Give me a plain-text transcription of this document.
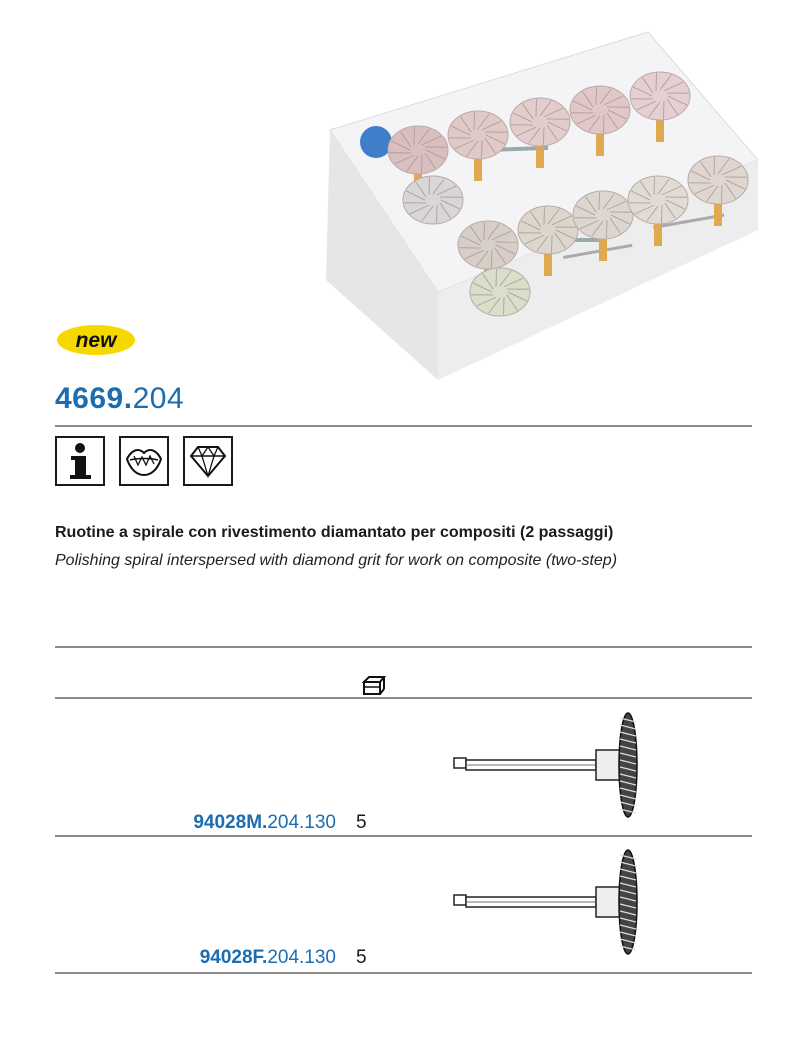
new
4669.204
Ruotine a spirale con rivestimento diamantato per compositi (2 passaggi)
Polishing spiral interspersed with diamond grit for work on composite (two-step)
94028M.204.130 5
94028F.204.130 5
